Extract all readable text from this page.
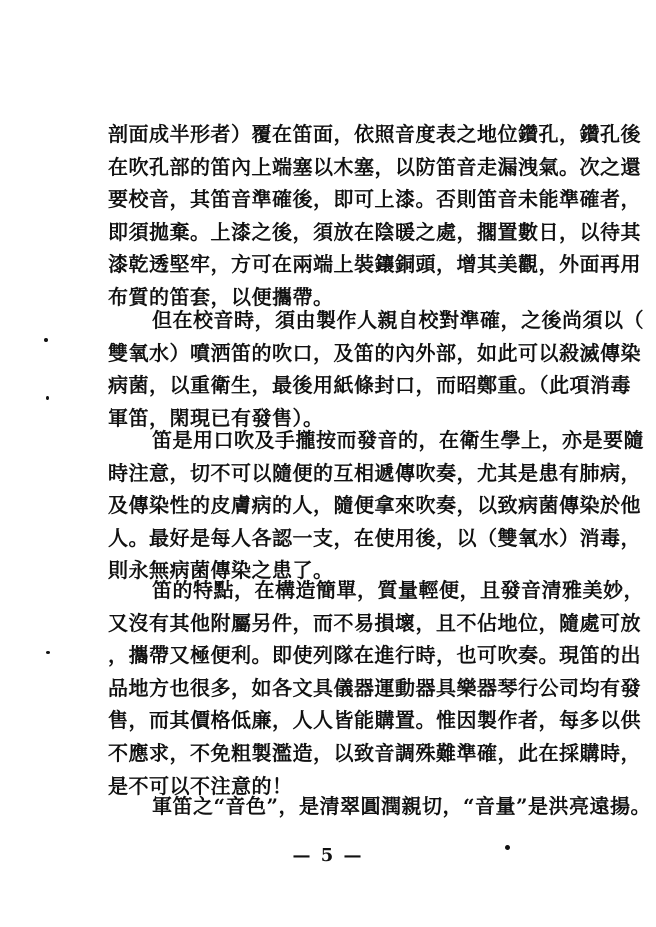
剖面成半形者）覆在笛面，依照音度表之地位鑽孔，鑽孔後
在吹孔部的笛內上端塞以木塞，以防笛音走漏洩氣。次之還
要校音，其笛音準確後，即可上漆。否則笛音未能準確者，
即須拋棄。上漆之後，須放在陰暖之處，擱置數日，以待其
漆乾透堅牢，方可在兩端上裝鑲銅頭，增其美觀，外面再用
布質的笛套，以便攜帶。
但在校音時，須由製作人親自校對準確，之後尚須以（
雙氧水）噴洒笛的吹口，及笛的內外部，如此可以殺滅傳染
病菌，以重衛生，最後用紙條封口，而昭鄭重。（此項消毒
軍笛，閑現已有發售）。
笛是用口吹及手攏按而發音的，在衛生學上，亦是要隨
時注意，切不可以隨便的互相遞傳吹奏，尤其是患有肺病，
及傳染性的皮膚病的人，隨便拿來吹奏，以致病菌傳染於他
人。最好是每人各認一支，在使用後，以（雙氧水）消毒，
則永無病菌傳染之患了。
笛的特點，在構造簡單，質量輕便，且發音清雅美妙，
又沒有其他附屬另件，而不易損壞，且不佔地位，隨處可放
，攜帶又極便利。即使列隊在進行時，也可吹奏。現笛的出
品地方也很多，如各文具儀器運動器具樂器琴行公司均有發
售，而其價格低廉，人人皆能購置。惟因製作者，每多以供
不應求，不免粗製濫造，以致音調殊難準確，此在採購時，
是不可以不注意的！
軍笛之“音色”，是清翠圓潤親切，“音量”是洪亮遠揚。
— 5 —
